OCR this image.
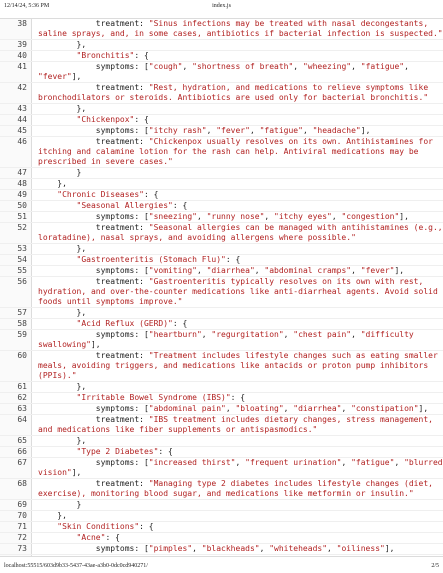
12/14/24, 5:36 PM	index.js
38	treatment: "Sinus infections may be treated with nasal decongestants, saline sprays, and, in some cases, antibiotics if bacterial infection is suspected."
39	},
40	"Bronchitis": {
41	symptoms: ["cough", "shortness of breath", "wheezing", "fatigue", "fever"],
42	treatment: "Rest, hydration, and medications to relieve symptoms like bronchodilators or steroids. Antibiotics are used only for bacterial bronchitis."
43	},
44	"Chickenpox": {
45	symptoms: ["itchy rash", "fever", "fatigue", "headache"],
46	treatment: "Chickenpox usually resolves on its own. Antihistamines for itching and calamine lotion for the rash can help. Antiviral medications may be prescribed in severe cases."
47	}
48	},
49	"Chronic Diseases": {
50	"Seasonal Allergies": {
51	symptoms: ["sneezing", "runny nose", "itchy eyes", "congestion"],
52	treatment: "Seasonal allergies can be managed with antihistamines (e.g., loratadine), nasal sprays, and avoiding allergens where possible."
53	},
54	"Gastroenteritis (Stomach Flu)": {
55	symptoms: ["vomiting", "diarrhea", "abdominal cramps", "fever"],
56	treatment: "Gastroenteritis typically resolves on its own with rest, hydration, and over-the-counter medications like anti-diarrheal agents. Avoid solid foods until symptoms improve."
57	},
58	"Acid Reflux (GERD)": {
59	symptoms: ["heartburn", "regurgitation", "chest pain", "difficulty swallowing"],
60	treatment: "Treatment includes lifestyle changes such as eating smaller meals, avoiding triggers, and medications like antacids or proton pump inhibitors (PPIs)."
61	},
62	"Irritable Bowel Syndrome (IBS)": {
63	symptoms: ["abdominal pain", "bloating", "diarrhea", "constipation"],
64	treatment: "IBS treatment includes dietary changes, stress management, and medications like fiber supplements or antispasmodics."
65	},
66	"Type 2 Diabetes": {
67	symptoms: ["increased thirst", "frequent urination", "fatigue", "blurred vision"],
68	treatment: "Managing type 2 diabetes includes lifestyle changes (diet, exercise), monitoring blood sugar, and medications like metformin or insulin."
69	}
70	},
71	"Skin Conditions": {
72	"Acne": {
73	symptoms: ["pimples", "blackheads", "whiteheads", "oiliness"],
localhost:55515/603d9b33-5437-43ae-a3b0-0dc0cd940271/	2/5
